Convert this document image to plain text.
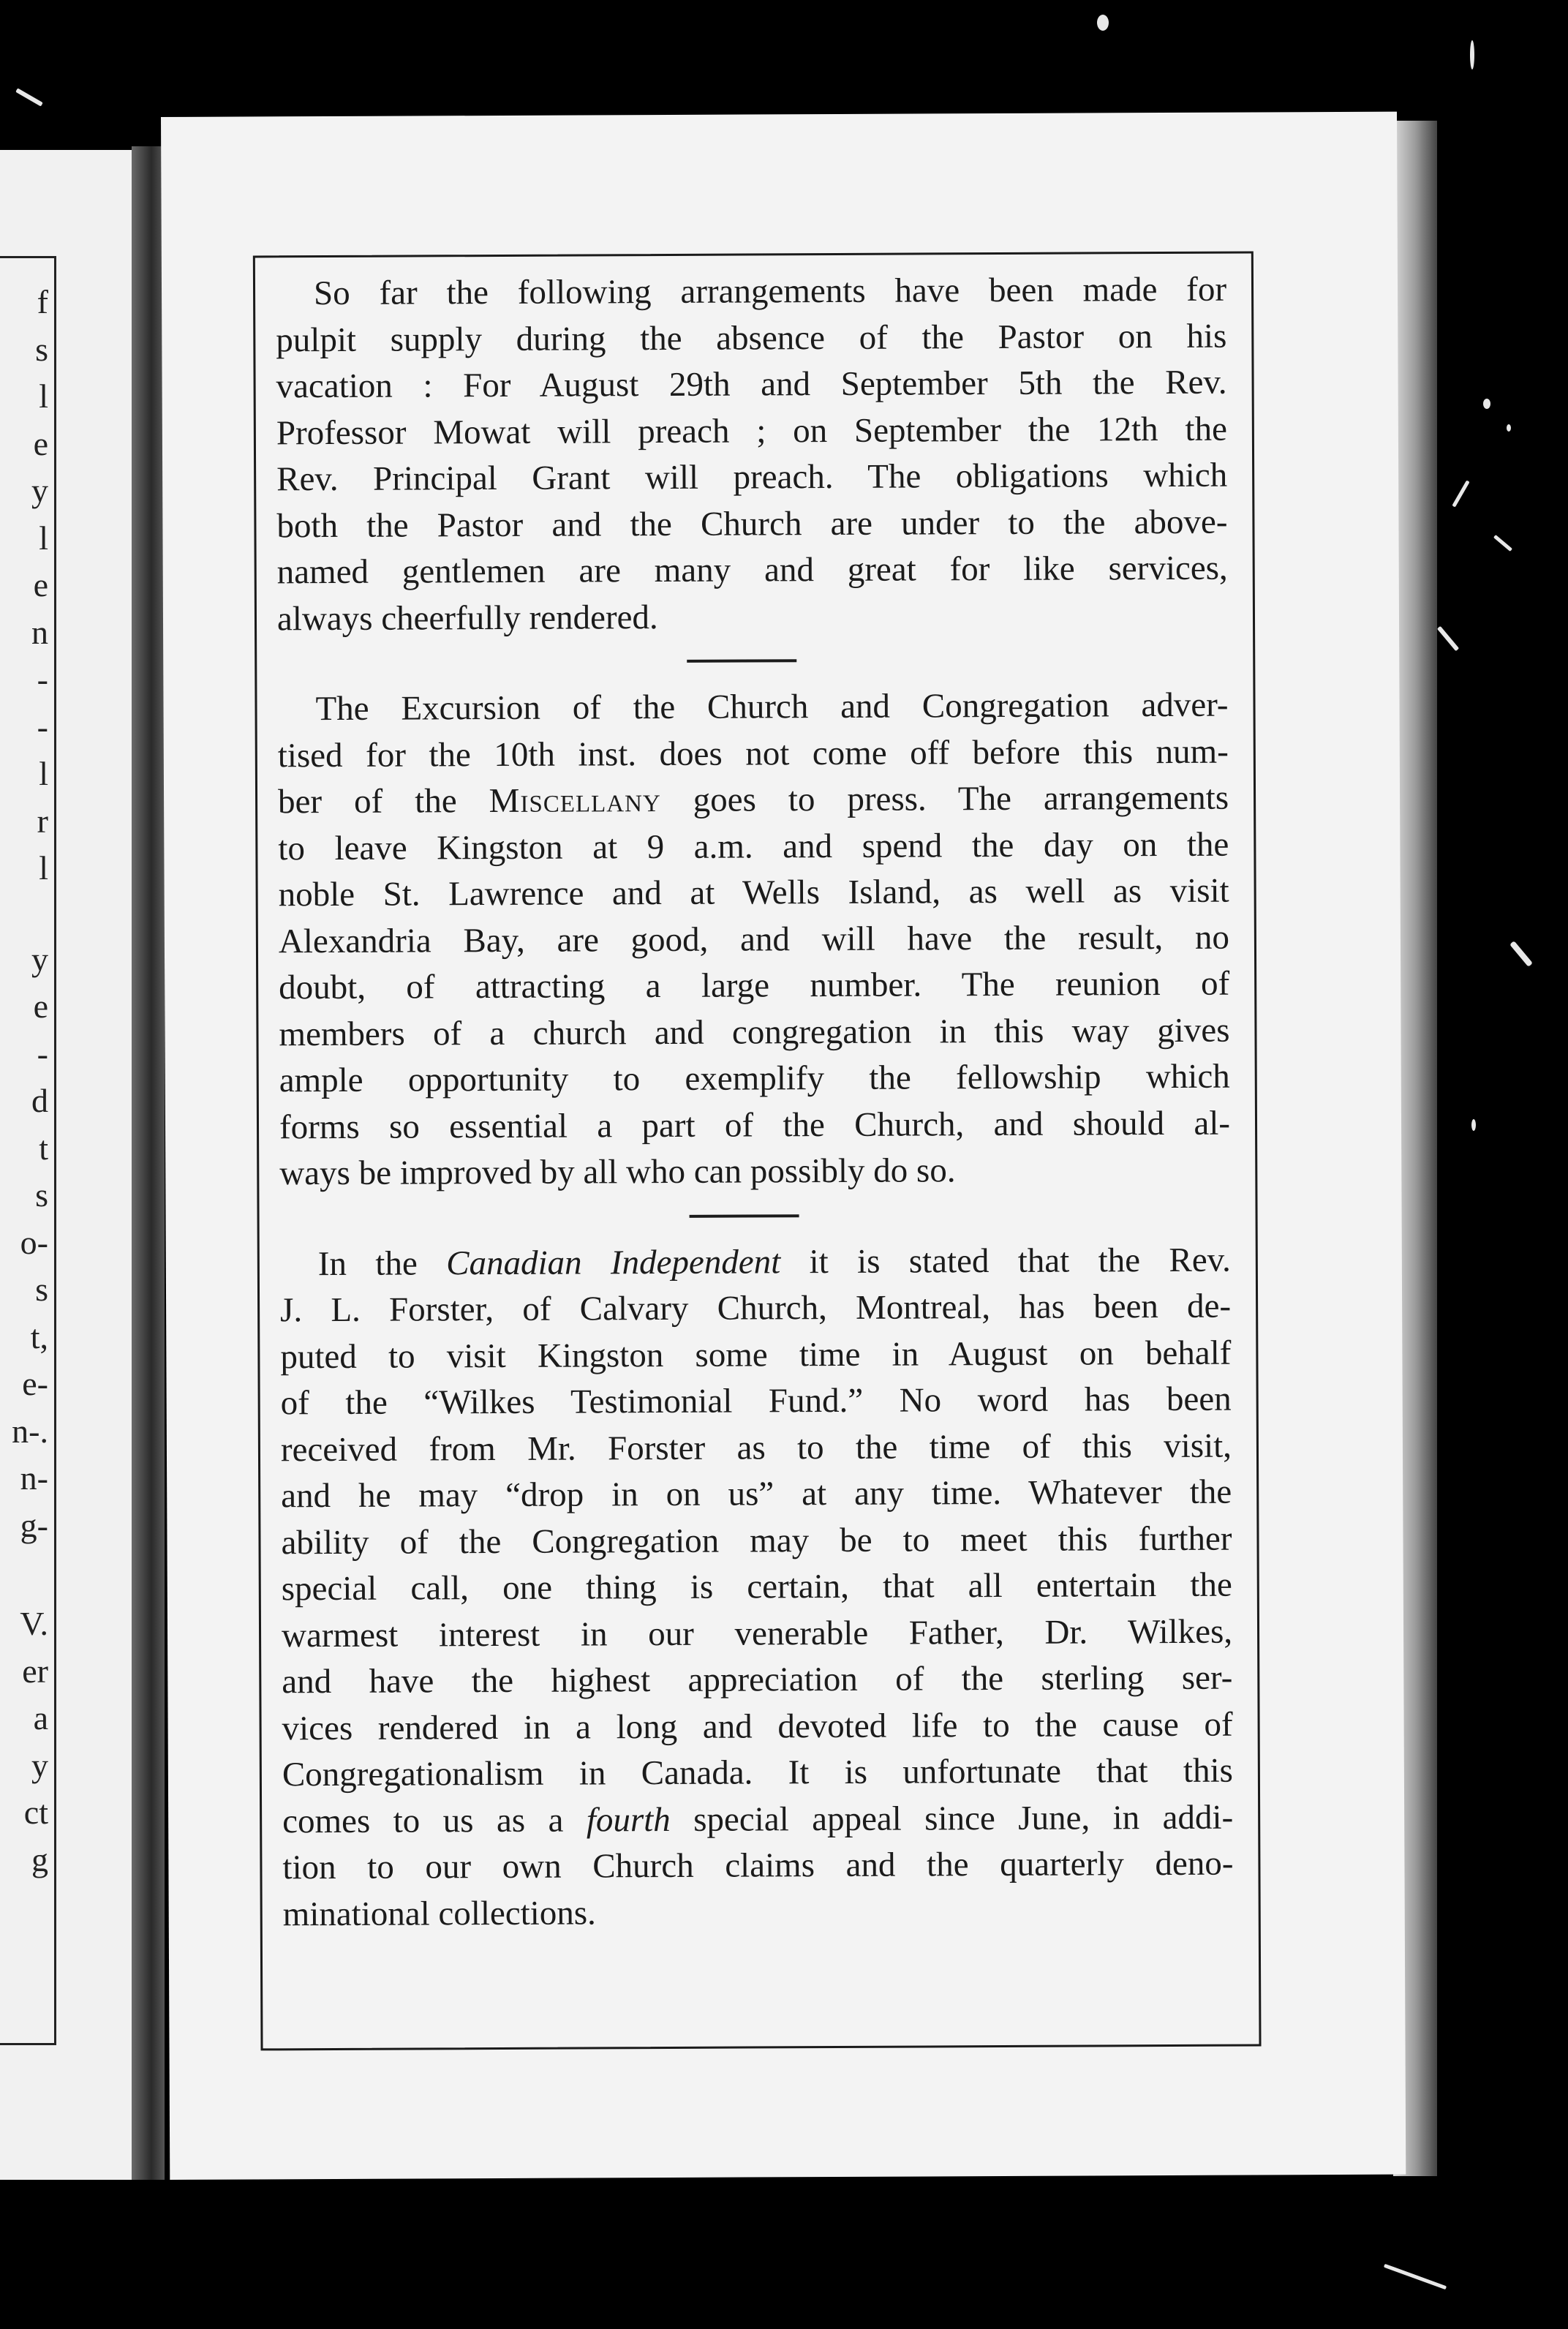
f
s
l
e
y
l
e
n
-
-
l
r
l
y
e
-
d
t
s
o-
s
t,
e-
n-.
n-
g-
V.
er
a
y
ct
g
So far the following arrangements have been made for
pulpit supply during the absence of the Pastor on his
vacation : For August 29th and September 5th the Rev.
Professor Mowat will preach ; on September the 12th the
Rev. Principal Grant will preach. The obligations which
both the Pastor and the Church are under to the above-
named gentlemen are many and great for like services,
always cheerfully rendered.
The Excursion of the Church and Congregation adver-
tised for the 10th inst. does not come off before this num-
ber of the Miscellany goes to press. The arrangements
to leave Kingston at 9 a.m. and spend the day on the
noble St. Lawrence and at Wells Island, as well as visit
Alexandria Bay, are good, and will have the result, no
doubt, of attracting a large number. The reunion of
members of a church and congregation in this way gives
ample opportunity to exemplify the fellowship which
forms so essential a part of the Church, and should al-
ways be improved by all who can possibly do so.
In the Canadian Independent it is stated that the Rev.
J. L. Forster, of Calvary Church, Montreal, has been de-
puted to visit Kingston some time in August on behalf
of the “Wilkes Testimonial Fund.” No word has been
received from Mr. Forster as to the time of this visit,
and he may “drop in on us” at any time. Whatever the
ability of the Congregation may be to meet this further
special call, one thing is certain, that all entertain the
warmest interest in our venerable Father, Dr. Wilkes,
and have the highest appreciation of the sterling ser-
vices rendered in a long and devoted life to the cause of
Congregationalism in Canada. It is unfortunate that this
comes to us as a fourth special appeal since June, in addi-
tion to our own Church claims and the quarterly deno-
minational collections.
